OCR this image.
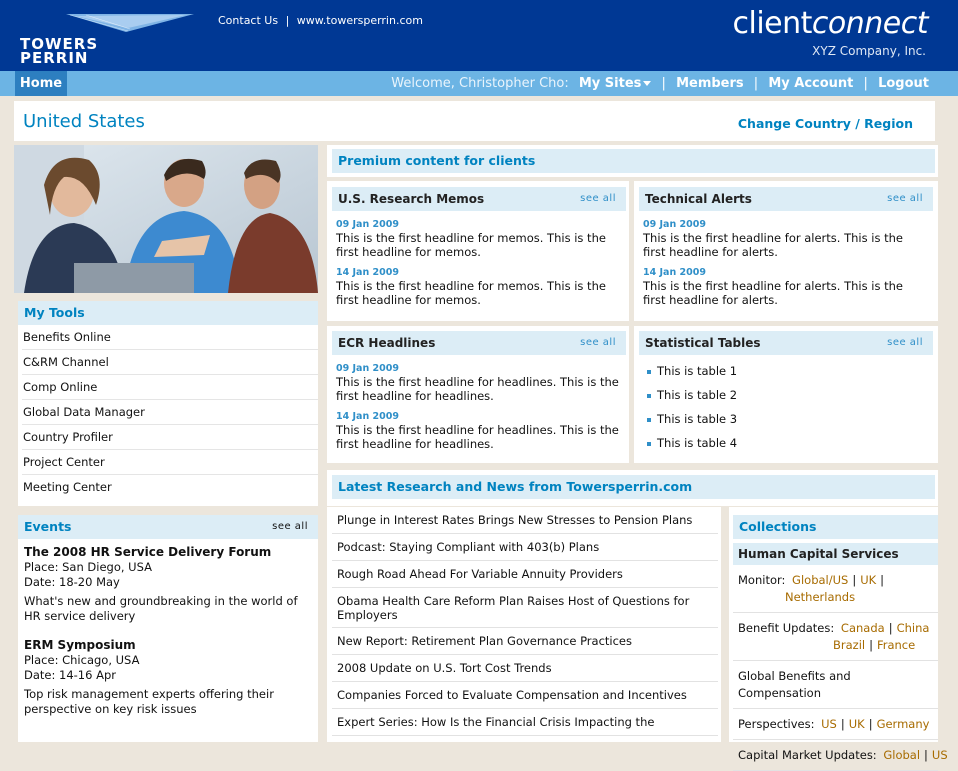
TOWERS
PERRIN
Contact Us | www.towersperrin.com	clientconnect
XYZ Company, Inc.
Home	Welcome, Christopher Cho: My Sites | Members | My Account | Logout
United States	Change Country / Region
My Tools
Benefits Online
C&RM Channel
Comp Online
Global Data Manager
Country Profiler
Project Center
Meeting Center
Events	see all
The 2008 HR Service Delivery Forum
Place: San Diego, USA
Date: 18-20 May
What's new and groundbreaking in the world of HR service delivery
ERM Symposium
Place: Chicago, USA
Date: 14-16 Apr
Top risk management experts offering their perspective on key risk issues
Premium content for clients
U.S. Research Memos	see all
09 Jan 2009
This is the first headline for memos. This is the first headline for memos.
14 Jan 2009
This is the first headline for memos. This is the first headline for memos.
Technical Alerts	see all
09 Jan 2009
This is the first headline for alerts. This is the first headline for alerts.
14 Jan 2009
This is the first headline for alerts. This is the first headline for alerts.
ECR Headlines	see all
09 Jan 2009
This is the first headline for headlines. This is the first headline for headlines.
14 Jan 2009
This is the first headline for headlines. This is the first headline for headlines.
Statistical Tables	see all
This is table 1
This is table 2
This is table 3
This is table 4
Latest Research and News from Towersperrin.com
Plunge in Interest Rates Brings New Stresses to Pension Plans
Podcast: Staying Compliant with 403(b) Plans
Rough Road Ahead For Variable Annuity Providers
Obama Health Care Reform Plan Raises Host of Questions for Employers
New Report: Retirement Plan Governance Practices
2008 Update on U.S. Tort Cost Trends
Companies Forced to Evaluate Compensation and Incentives
Expert Series: How Is the Financial Crisis Impacting the
Collections
Human Capital Services
Monitor: Global/US | UK |
Netherlands
Benefit Updates: Canada | China
Brazil | France
Global Benefits and Compensation
Perspectives: US | UK | Germany
Capital Market Updates: Global | US
